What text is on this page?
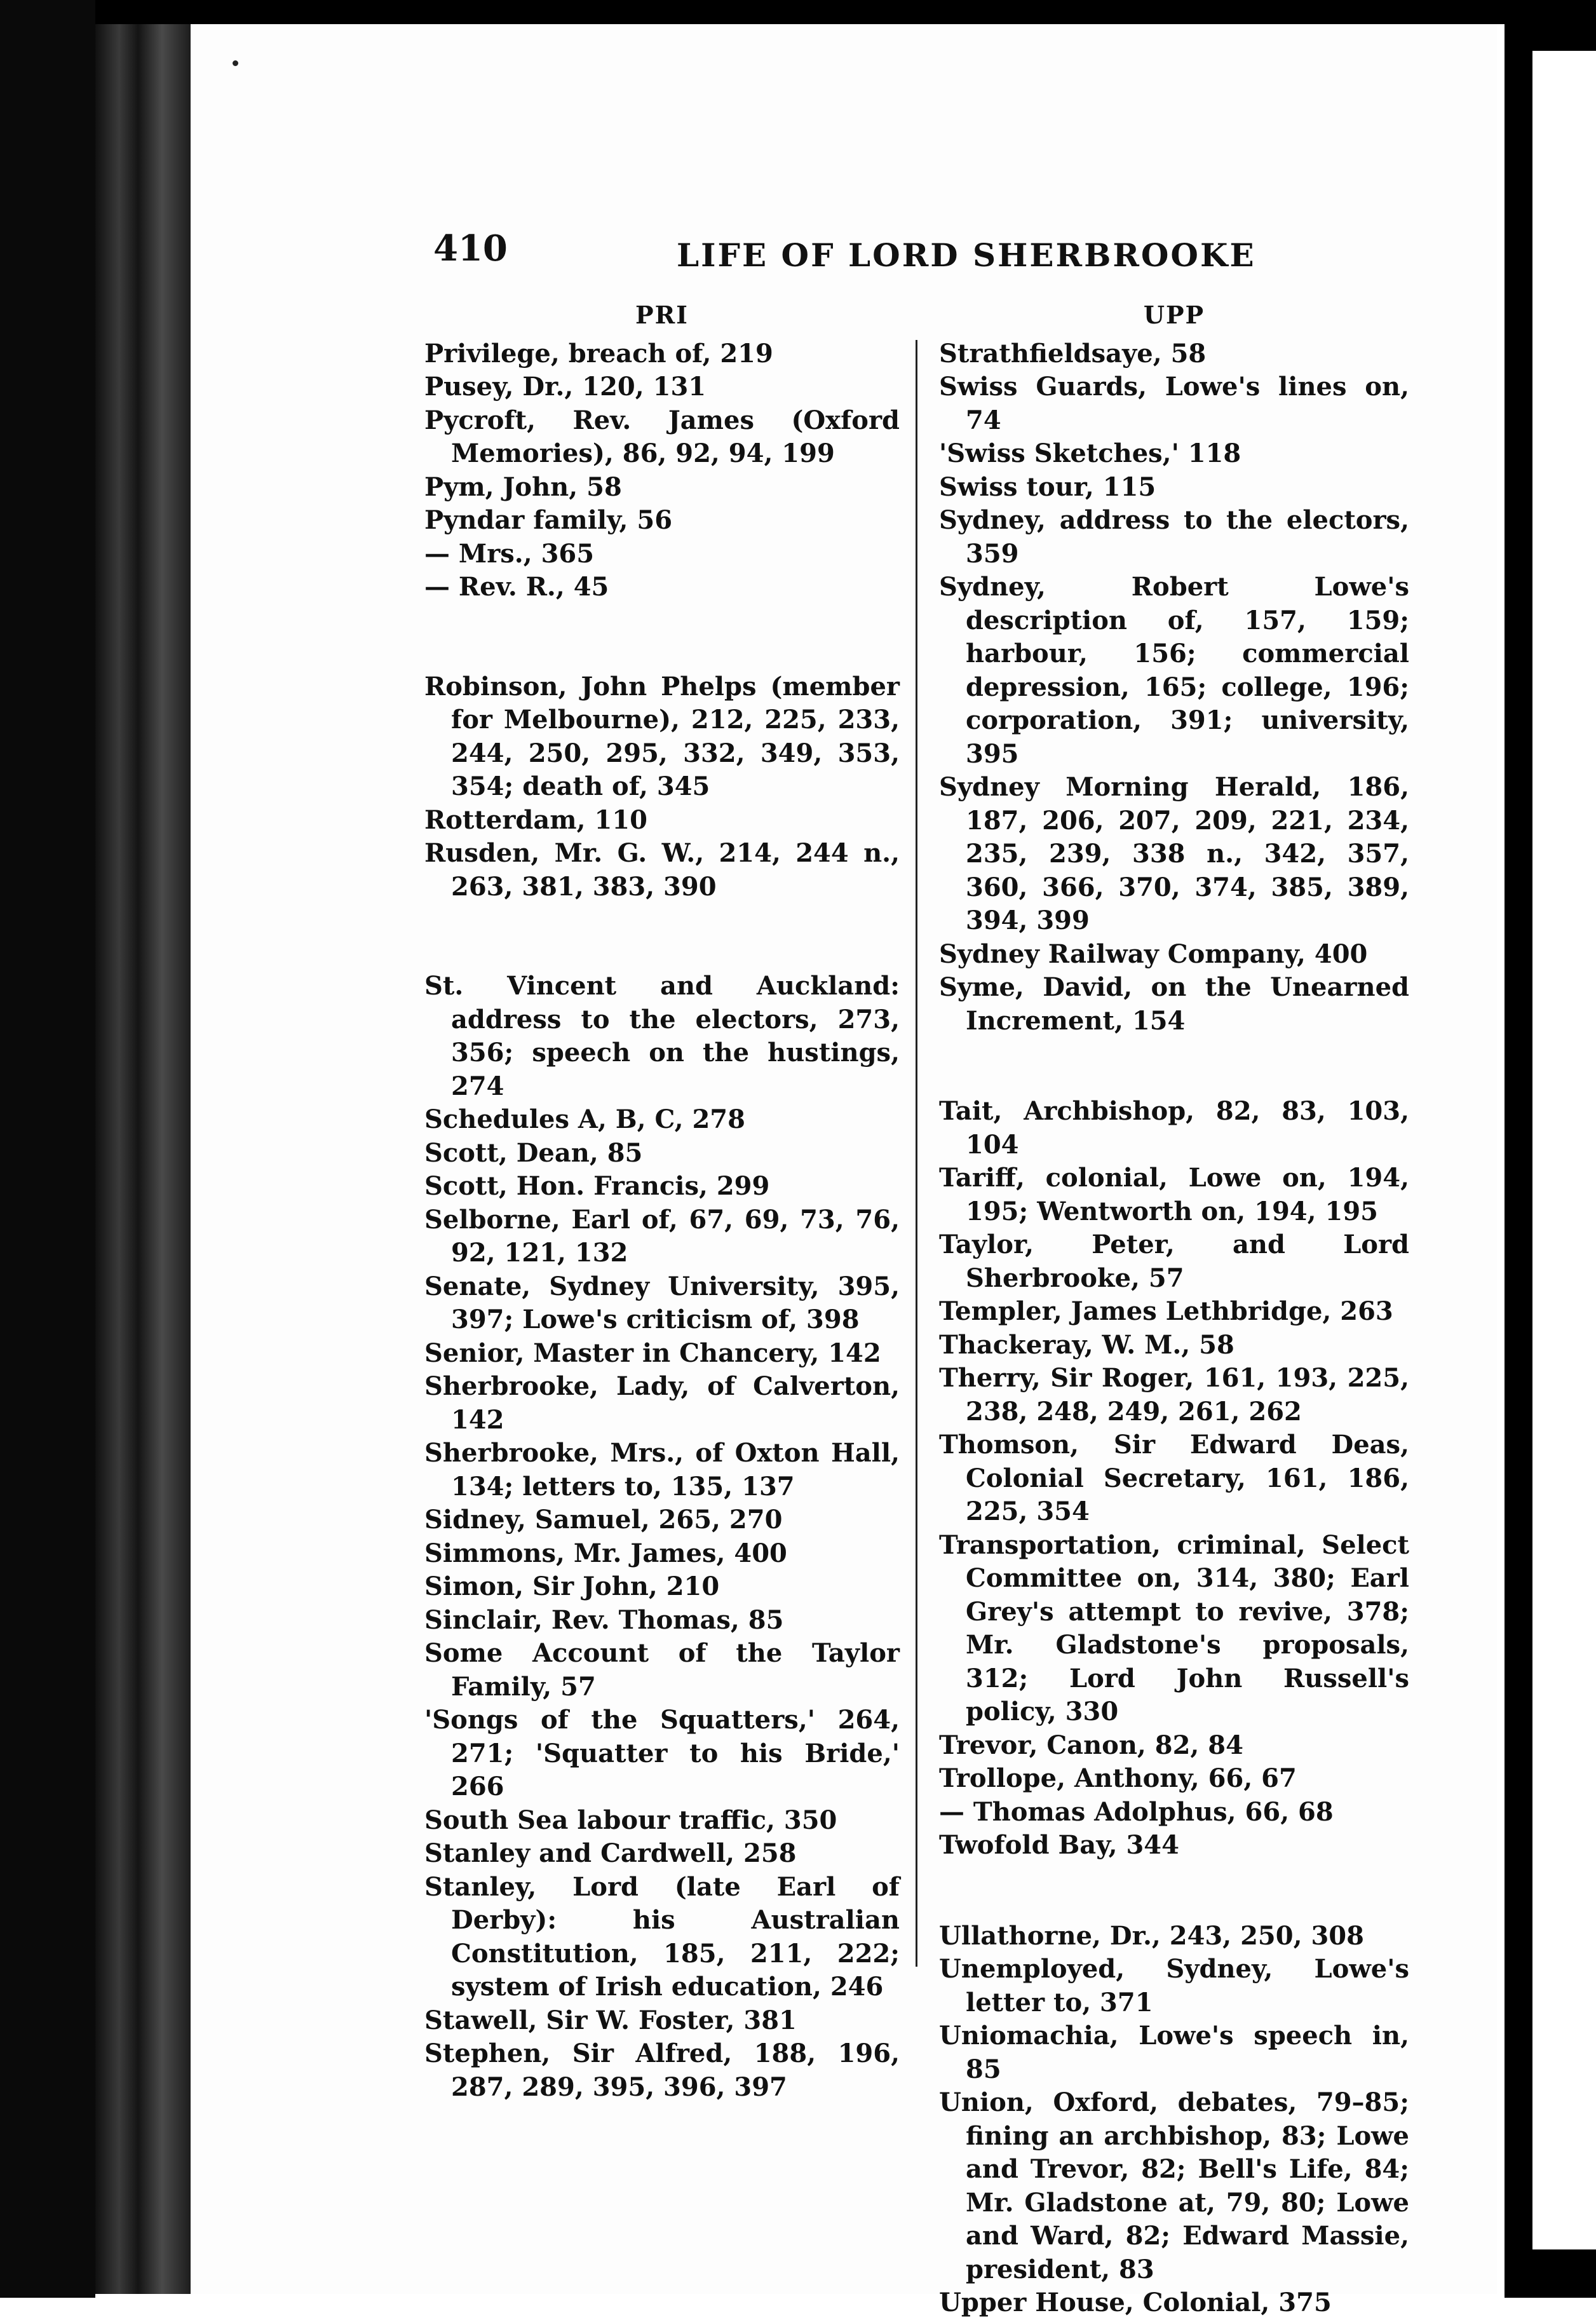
410	LIFE OF LORD SHERBROOKE
PRI

Privilege, breach of, 219

Pusey, Dr., 120, 131

Pycroft, Rev. James (Oxford Memories), 86, 92, 94, 199

Pym, John, 58

Pyndar family, 56

— Mrs., 365

— Rev. R., 45

Robinson, John Phelps (member for Melbourne), 212, 225, 233, 244, 250, 295, 332, 349, 353, 354; death of, 345

Rotterdam, 110

Rusden, Mr. G. W., 214, 244 n., 263, 381, 383, 390

St. Vincent and Auckland: address to the electors, 273, 356; speech on the hustings, 274

Schedules A, B, C, 278

Scott, Dean, 85

Scott, Hon. Francis, 299

Selborne, Earl of, 67, 69, 73, 76, 92, 121, 132

Senate, Sydney University, 395, 397; Lowe's criticism of, 398

Senior, Master in Chancery, 142

Sherbrooke, Lady, of Calverton, 142

Sherbrooke, Mrs., of Oxton Hall, 134; letters to, 135, 137

Sidney, Samuel, 265, 270

Simmons, Mr. James, 400

Simon, Sir John, 210

Sinclair, Rev. Thomas, 85

Some Account of the Taylor Family, 57

'Songs of the Squatters,' 264, 271; 'Squatter to his Bride,' 266

South Sea labour traffic, 350

Stanley and Cardwell, 258

Stanley, Lord (late Earl of Derby): his Australian Constitution, 185, 211, 222; system of Irish education, 246

Stawell, Sir W. Foster, 381

Stephen, Sir Alfred, 188, 196, 287, 289, 395, 396, 397

UPP

Strathfieldsaye, 58

Swiss Guards, Lowe's lines on, 74

'Swiss Sketches,' 118

Swiss tour, 115

Sydney, address to the electors, 359

Sydney, Robert Lowe's description of, 157, 159; harbour, 156; commercial depression, 165; college, 196; corporation, 391; university, 395

Sydney Morning Herald, 186, 187, 206, 207, 209, 221, 234, 235, 239, 338 n., 342, 357, 360, 366, 370, 374, 385, 389, 394, 399

Sydney Railway Company, 400

Syme, David, on the Unearned Increment, 154

Tait, Archbishop, 82, 83, 103, 104

Tariff, colonial, Lowe on, 194, 195; Wentworth on, 194, 195

Taylor, Peter, and Lord Sherbrooke, 57

Templer, James Lethbridge, 263

Thackeray, W. M., 58

Therry, Sir Roger, 161, 193, 225, 238, 248, 249, 261, 262

Thomson, Sir Edward Deas, Colonial Secretary, 161, 186, 225, 354

Transportation, criminal, Select Committee on, 314, 380; Earl Grey's attempt to revive, 378; Mr. Gladstone's proposals, 312; Lord John Russell's policy, 330

Trevor, Canon, 82, 84

Trollope, Anthony, 66, 67

— Thomas Adolphus, 66, 68

Twofold Bay, 344

Ullathorne, Dr., 243, 250, 308

Unemployed, Sydney, Lowe's letter to, 371

Uniomachia, Lowe's speech in, 85

Union, Oxford, debates, 79–85; fining an archbishop, 83; Lowe and Trevor, 82; Bell's Life, 84; Mr. Gladstone at, 79, 80; Lowe and Ward, 82; Edward Massie, president, 83

Upper House, Colonial, 375
